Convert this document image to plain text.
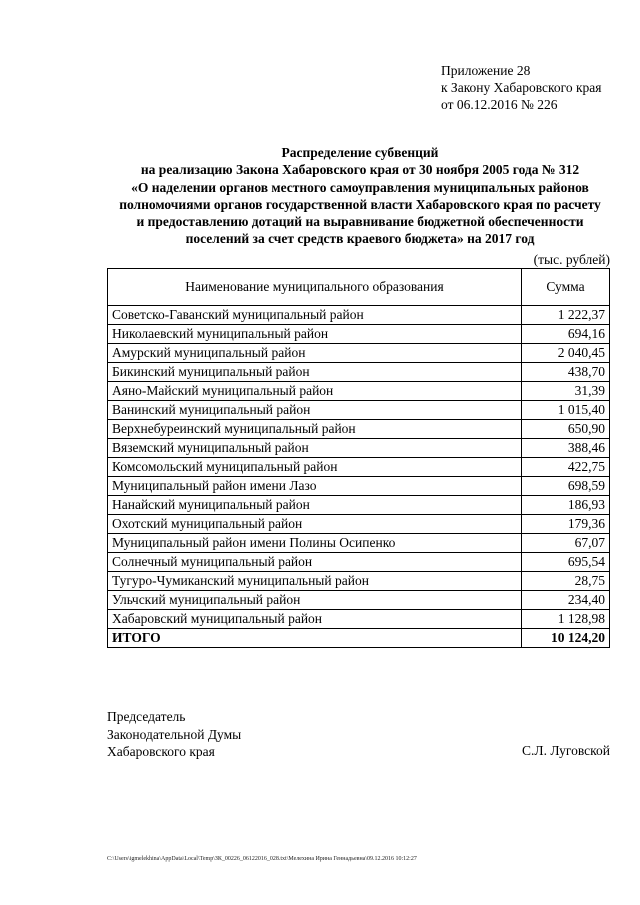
Приложение 28
к Закону Хабаровского края
от 06.12.2016 № 226
Распределение субвенций
на реализацию Закона Хабаровского края от 30 ноября 2005 года № 312
«О наделении органов местного самоуправления муниципальных районов
полномочиями органов государственной власти Хабаровского края по расчету
и предоставлению дотаций на выравнивание бюджетной обеспеченности
поселений за счет средств краевого бюджета» на 2017 год
(тыс. рублей)
Наименование муниципального образования	Сумма
Советско-Гаванский муниципальный район	1 222,37
Николаевский муниципальный район	694,16
Амурский муниципальный район	2 040,45
Бикинский муниципальный район	438,70
Аяно-Майский муниципальный район	31,39
Ванинский муниципальный район	1 015,40
Верхнебуреинский муниципальный район	650,90
Вяземский муниципальный район	388,46
Комсомольский муниципальный район	422,75
Муниципальный район имени Лазо	698,59
Нанайский муниципальный район	186,93
Охотский муниципальный район	179,36
Муниципальный район имени Полины Осипенко	67,07
Солнечный муниципальный район	695,54
Тугуро-Чумиканский муниципальный район	28,75
Ульчский муниципальный район	234,40
Хабаровский муниципальный район	1 128,98
ИТОГО	10 124,20
Председатель
Законодательной Думы
Хабаровского края	С.Л. Луговской
C:\Users\igmelekhina\AppData\Local\Temp\ЗК_00226_06122016_028.txt\Мелехина Ирина Геннадьевна\09.12.2016 10:12:27
